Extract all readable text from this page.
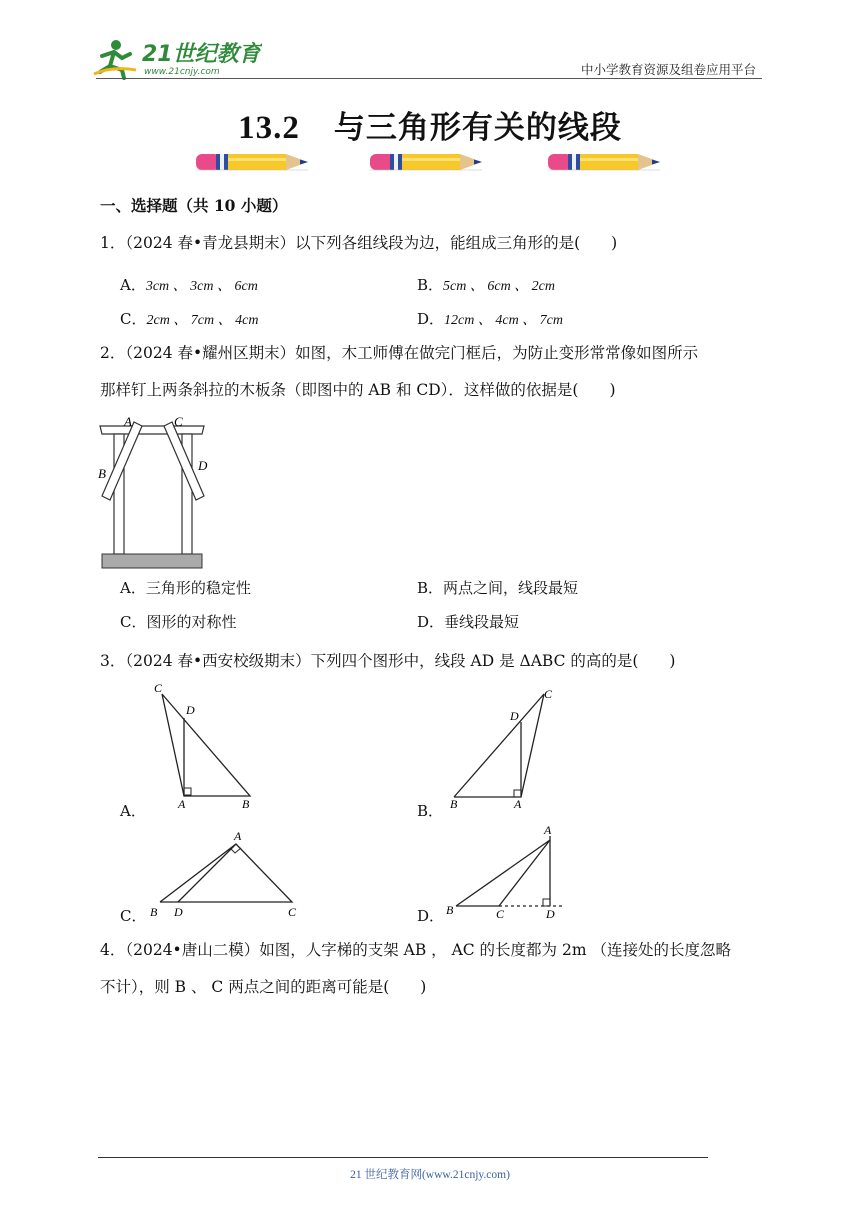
21世纪教育
www.21cnjy.com	中小学教育资源及组卷应用平台
13.2 与三角形有关的线段
一、选择题（共 10 小题）
1．（2024 春•青龙县期末）以下列各组线段为边，能组成三角形的是(　　)
A．3cm 、 3cm 、 6cm	B．5cm 、 6cm 、 2cm
C．2cm 、 7cm 、 4cm	D．12cm 、 4cm 、 7cm
2．（2024 春•耀州区期末）如图，木工师傅在做完门框后，为防止变形常常像如图所示
那样钉上两条斜拉的木板条（即图中的 AB 和 CD）．这样做的依据是(　　)
A	C
B
D
A．三角形的稳定性	B．两点之间，线段最短
C．图形的对称性	D．垂线段最短
3．（2024 春•西安校级期末）下列四个图形中，线段 AD 是 ΔABC 的高的是(　　)
A．
C
D
A	B	B．
C
D
B	A
C．
A
B D	C	D．
A
B	C	D
4．（2024•唐山二模）如图，人字梯的支架 AB ， AC 的长度都为 2m （连接处的长度忽略
不计），则 B 、 C 两点之间的距离可能是(　　)
21 世纪教育网(www.21cnjy.com)
